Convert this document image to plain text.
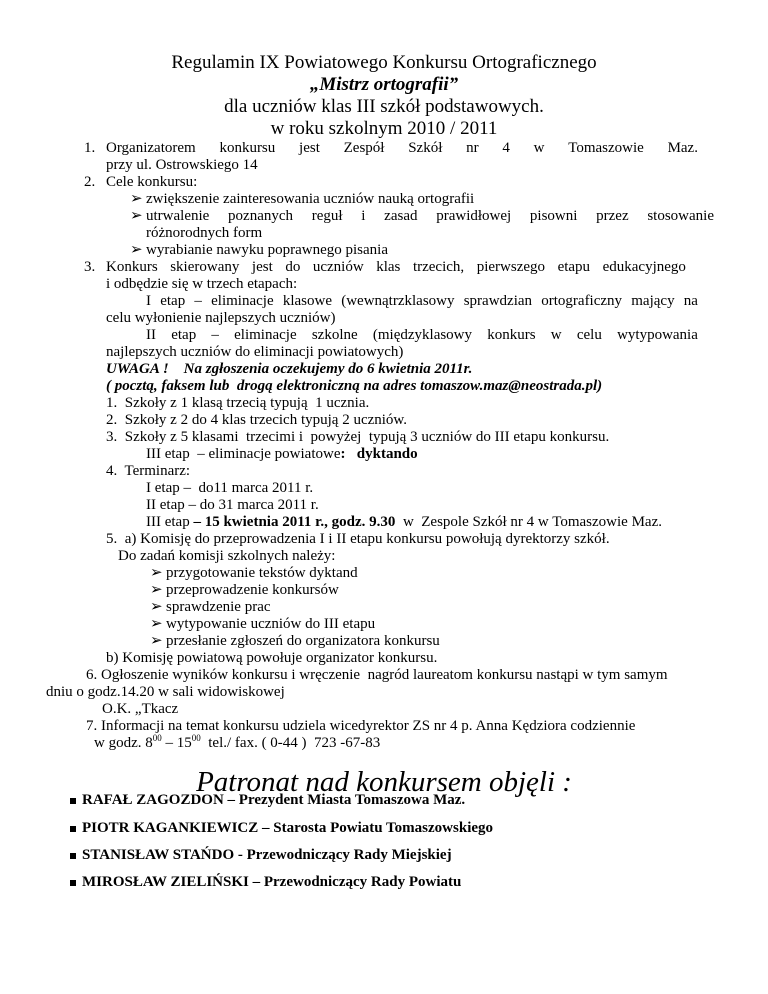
Regulamin IX Powiatowego Konkursu Ortograficznego
„Mistrz ortografii”
dla uczniów klas III szkół podstawowych.
w roku szkolnym 2010 / 2011
1. Organizatorem konkursu jest Zespół Szkół nr 4 w Tomaszowie Maz.
przy ul. Ostrowskiego 14
2. Cele konkursu:
➢ zwiększenie zainteresowania uczniów nauką ortografii
➢ utrwalenie poznanych reguł i zasad prawidłowej pisowni przez stosowanie
różnorodnych form
➢ wyrabianie nawyku poprawnego pisania
3. Konkurs skierowany jest do uczniów klas trzecich, pierwszego etapu edukacyjnego
i odbędzie się w trzech etapach:
I etap – eliminacje klasowe (wewnątrzklasowy sprawdzian ortograficzny mający na
celu wyłonienie najlepszych uczniów)
II etap – eliminacje szkolne (międzyklasowy konkurs w celu wytypowania
najlepszych uczniów do eliminacji powiatowych)
UWAGA !    Na zgłoszenia oczekujemy do 6 kwietnia 2011r.
( pocztą, faksem lub  drogą elektroniczną na adres tomaszow.maz@neostrada.pl)
1.  Szkoły z 1 klasą trzecią typują  1 ucznia.
2.  Szkoły z 2 do 4 klas trzecich typują 2 uczniów.
3.  Szkoły z 5 klasami  trzecimi i  powyżej  typują 3 uczniów do III etapu konkursu.
III etap  – eliminacje powiatowe: dyktando
4.  Terminarz:
I etap –  do11 marca 2011 r.
II etap – do 31 marca 2011 r.
III etap – 15 kwietnia 2011 r., godz. 9.30  w  Zespole Szkół nr 4 w Tomaszowie Maz.
5.  a) Komisję do przeprowadzenia I i II etapu konkursu powołują dyrektorzy szkół.
Do zadań komisji szkolnych należy:
➢ przygotowanie tekstów dyktand
➢ przeprowadzenie konkursów
➢ sprawdzenie prac
➢ wytypowanie uczniów do III etapu
➢ przesłanie zgłoszeń do organizatora konkursu
b) Komisję powiatową powołuje organizator konkursu.
6. Ogłoszenie wyników konkursu i wręczenie  nagród laureatom konkursu nastąpi w tym samym
dniu o godz.14.20 w sali widowiskowej
O.K. „Tkacz
7. Informacji na temat konkursu udziela wicedyrektor ZS nr 4 p. Anna Kędziora codziennie
w godz. $8^{00} - 15^{00}$  tel./ fax. ( 0-44 )  723 -67-83
Patronat nad konkursem objęli :
RAFAŁ ZAGOZDON – Prezydent Miasta Tomaszowa Maz.
PIOTR KAGANKIEWICZ – Starosta Powiatu Tomaszowskiego
STANISŁAW STAŃDO - Przewodniczący Rady Miejskiej
MIROSŁAW ZIELIŃSKI – Przewodniczący Rady Powiatu
